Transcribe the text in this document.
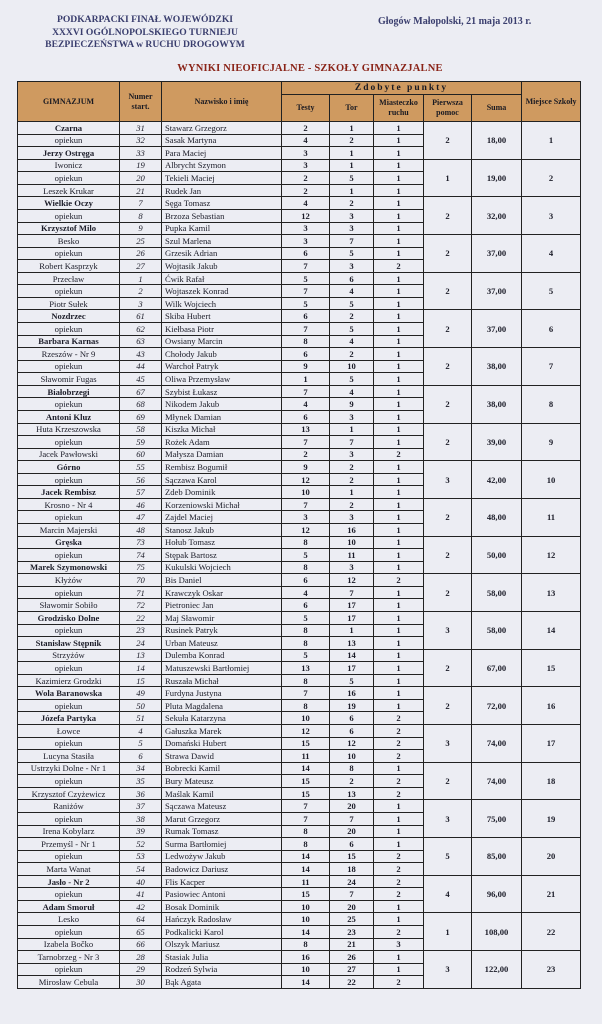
PODKARPACKI FINAŁ WOJEWÓDZKI
XXXVI OGÓLNOPOLSKIEGO TURNIEJU
BEZPIECZEŃSTWA w RUCHU DROGOWYM
Głogów Małopolski, 21 maja 2013 r.
WYNIKI NIEOFICJALNE - SZKOŁY GIMNAZJALNE
GIMNAZJUM	Numer start.	Nazwisko i imię	Zdobyte punkty					Miejsce Szkoły
			Testy	Tor	Miasteczko ruchu	Pierwsza pomoc	Suma	
Czarna	31	Stawarz Grzegorz	2	1	1	2	18,00	1
opiekun	32	Sasak Martyna	4	2	1			
Jerzy Ostręga	33	Para Maciej	3	1	1			
Iwonicz	19	Albrycht Szymon	3	1	1	1	19,00	2
opiekun	20	Tekieli Maciej	2	5	1			
Leszek Krukar	21	Rudek Jan	2	1	1			
Wielkie Oczy	7	Sęga Tomasz	4	2	1	2	32,00	3
opiekun	8	Brzoza Sebastian	12	3	1			
Krzysztof Milo	9	Pupka Kamil	3	3	1			
Besko	25	Szul Marlena	3	7	1	2	37,00	4
opiekun	26	Grzesik Adrian	6	5	1			
Robert Kasprzyk	27	Wojtasik Jakub	7	3	2			
Przecław	1	Ćwik Rafał	5	6	1	2	37,00	5
opiekun	2	Wojtaszek Konrad	7	4	1			
Piotr Sułek	3	Wilk Wojciech	5	5	1			
Nozdrzec	61	Skiba Hubert	6	2	1	2	37,00	6
opiekun	62	Kiełbasa Piotr	7	5	1			
Barbara Karnas	63	Owsiany Marcin	8	4	1			
Rzeszów - Nr 9	43	Chołody Jakub	6	2	1	2	38,00	7
opiekun	44	Warchoł Patryk	9	10	1			
Sławomir Fugas	45	Oliwa Przemysław	1	5	1			
Białobrzegi	67	Szybist Łukasz	7	4	1	2	38,00	8
opiekun	68	Nikodem Jakub	4	9	1			
Antoni Kluz	69	Młynek Damian	6	3	1			
Huta Krzeszowska	58	Kiszka Michał	13	1	1	2	39,00	9
opiekun	59	Rożek Adam	7	7	1			
Jacek Pawłowski	60	Małysza Damian	2	3	2			
Górno	55	Rembisz Bogumił	9	2	1	3	42,00	10
opiekun	56	Sączawa Karol	12	2	1			
Jacek Rembisz	57	Zdeb Dominik	10	1	1			
Krosno - Nr 4	46	Korzeniowski Michał	7	2	1	2	48,00	11
opiekun	47	Zajdel Maciej	3	3	1			
Marcin Majerski	48	Stanosz Jakub	12	16	1			
Gręska	73	Hołub Tomasz	8	10	1	2	50,00	12
opiekun	74	Stępak Bartosz	5	11	1			
Marek Szymonowski	75	Kukulski Wojciech	8	3	1			
Kłyżów	70	Bis Daniel	6	12	2	2	58,00	13
opiekun	71	Krawczyk Oskar	4	7	1			
Sławomir Sobiło	72	Pietroniec Jan	6	17	1			
Grodzisko Dolne	22	Maj Sławomir	5	17	1	3	58,00	14
opiekun	23	Rusinek Patryk	8	1	1			
Stanisław Stępnik	24	Urban Mateusz	8	13	1			
Strzyżów	13	Dulemba Konrad	5	14	1	2	67,00	15
opiekun	14	Matuszewski Bartłomiej	13	17	1			
Kazimierz Grodzki	15	Ruszała Michał	8	5	1			
Wola Baranowska	49	Furdyna Justyna	7	16	1	2	72,00	16
opiekun	50	Pluta Magdalena	8	19	1			
Józefa Partyka	51	Sekuła Katarzyna	10	6	2			
Łowce	4	Gałuszka Marek	12	6	2	3	74,00	17
opiekun	5	Domański Hubert	15	12	2			
Lucyna Stasiła	6	Strawa Dawid	11	10	2			
Ustrzyki Dolne - Nr 1	34	Bobrecki Kamil	14	8	1	2	74,00	18
opiekun	35	Bury Mateusz	15	2	2			
Krzysztof Czyżewicz	36	Maślak Kamil	15	13	2			
Raniżów	37	Sączawa Mateusz	7	20	1	3	75,00	19
opiekun	38	Marut Grzegorz	7	7	1			
Irena Kobylarz	39	Rumak Tomasz	8	20	1			
Przemyśl - Nr 1	52	Surma Bartłomiej	8	6	1	5	85,00	20
opiekun	53	Ledwożyw Jakub	14	15	2			
Marta Wanat	54	Badowicz Dariusz	14	18	2			
Jasło - Nr 2	40	Flis Kacper	11	24	2	4	96,00	21
opiekun	41	Pasiowiec Antoni	15	7	2			
Adam Smoruł	42	Bosak Dominik	10	20	1			
Lesko	64	Hańczyk Radosław	10	25	1	1	108,00	22
opiekun	65	Podkalicki Karol	14	23	2			
Izabela Bočko	66	Olszyk Mariusz	8	21	3			
Tarnobrzeg - Nr 3	28	Stasiak Julia	16	26	1	3	122,00	23
opiekun	29	Rodzeń Sylwia	10	27	1			
Mirosław Cebula	30	Bąk Agata	14	22	2			
